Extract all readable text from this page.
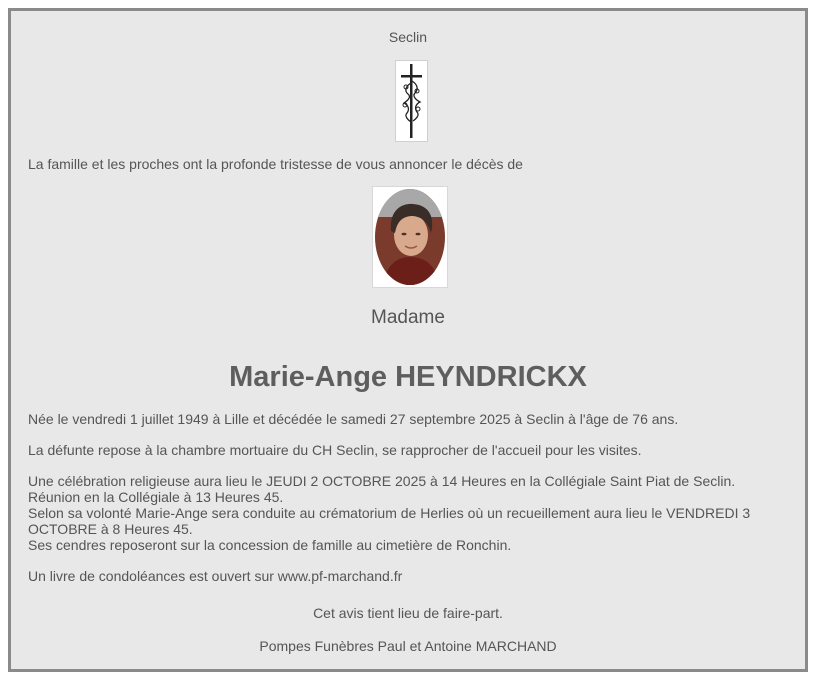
Seclin
La famille et les proches ont la profonde tristesse de vous annoncer le décès de
Madame
Marie-Ange HEYNDRICKX

Née le vendredi 1 juillet 1949 à Lille et décédée le samedi 27 septembre 2025 à Seclin à l'âge de 76 ans.

La défunte repose à la chambre mortuaire du CH Seclin, se rapprocher de l'accueil pour les visites.

Une célébration religieuse aura lieu le JEUDI 2 OCTOBRE 2025 à 14 Heures en la Collégiale Saint Piat de Seclin.
Réunion en la Collégiale à 13 Heures 45.
Selon sa volonté Marie-Ange sera conduite au crématorium de Herlies où un recueillement aura lieu le VENDREDI 3 OCTOBRE à 8 Heures 45.
Ses cendres reposeront sur la concession de famille au cimetière de Ronchin.

Un livre de condoléances est ouvert sur www.pf-marchand.fr

Cet avis tient lieu de faire-part.
Pompes Funèbres Paul et Antoine MARCHAND
